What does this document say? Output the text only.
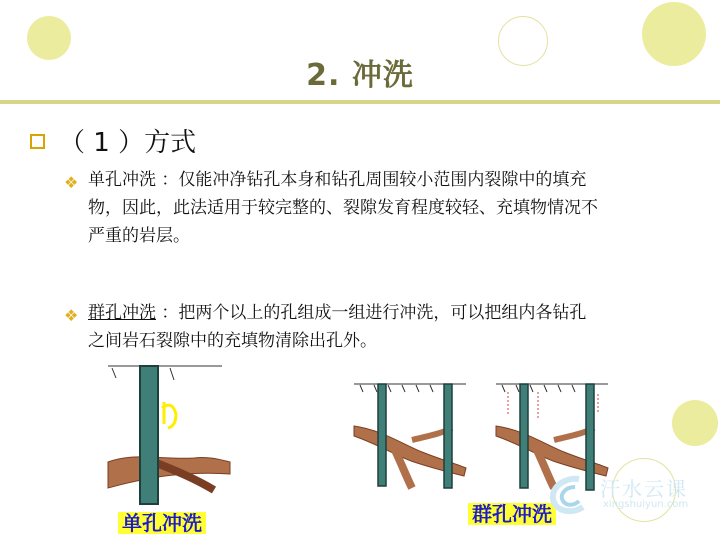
2. 冲洗
（ 1 ）方式
❖ 单孔冲洗 ：仅能冲净钻孔本身和钻孔周围较小范围内裂隙中的填充
物，因此，此法适用于较完整的、裂隙发育程度较轻、充填物情况不
严重的岩层。
❖ 群孔冲洗 ：把两个以上的孔组成一组进行冲洗，可以把组内各钻孔
之间岩石裂隙中的充填物清除出孔外。
单孔冲洗	群孔冲洗
汗水云课
xingshuiyun.com
